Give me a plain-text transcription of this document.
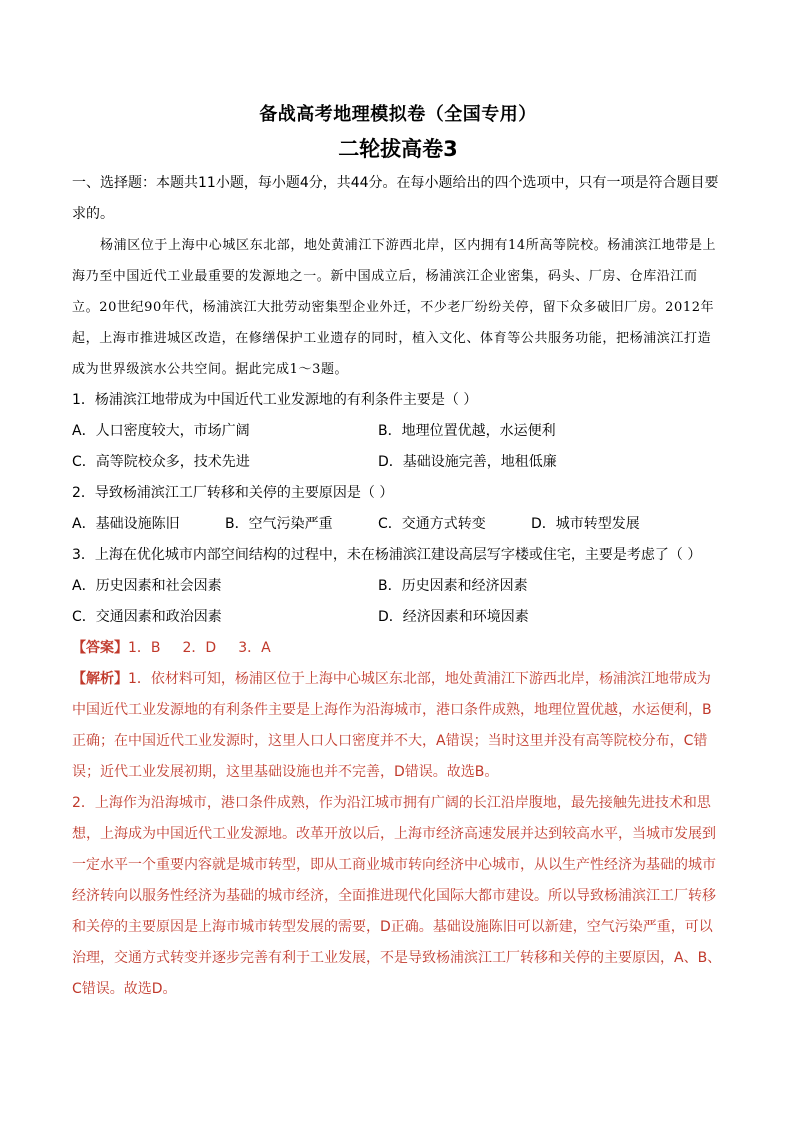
备战高考地理模拟卷（全国专用）
二轮拔高卷3

一、选择题：本题共11小题，每小题4分，共44分。在每小题给出的四个选项中，只有一项是符合题目要求的。

杨浦区位于上海中心城区东北部，地处黄浦江下游西北岸，区内拥有14所高等院校。杨浦滨江地带是上海乃至中国近代工业最重要的发源地之一。新中国成立后，杨浦滨江企业密集，码头、厂房、仓库沿江而立。20世纪90年代，杨浦滨江大批劳动密集型企业外迁，不少老厂纷纷关停，留下众多破旧厂房。2012年起，上海市推进城区改造，在修缮保护工业遗存的同时，植入文化、体育等公共服务功能，把杨浦滨江打造成为世界级滨水公共空间。据此完成1～3题。

1．杨浦滨江地带成为中国近代工业发源地的有利条件主要是（ ）

A．人口密度较大，市场广阔	B．地理位置优越，水运便利
C．高等院校众多，技术先进	D．基础设施完善，地租低廉

2．导致杨浦滨江工厂转移和关停的主要原因是（ ）

A．基础设施陈旧	B．空气污染严重	C．交通方式转变	D．城市转型发展

3．上海在优化城市内部空间结构的过程中，未在杨浦滨江建设高层写字楼或住宅，主要是考虑了（ ）

A．历史因素和社会因素	B．历史因素和经济因素
C．交通因素和政治因素	D．经济因素和环境因素

【答案】1．B 2．D 3．A

【解析】1．依材料可知，杨浦区位于上海中心城区东北部，地处黄浦江下游西北岸，杨浦滨江地带成为中国近代工业发源地的有利条件主要是上海作为沿海城市，港口条件成熟，地理位置优越，水运便利，B正确；在中国近代工业发源时，这里人口人口密度并不大，A错误；当时这里并没有高等院校分布，C错误；近代工业发展初期，这里基础设施也并不完善，D错误。故选B。

2．上海作为沿海城市，港口条件成熟，作为沿江城市拥有广阔的长江沿岸腹地，最先接触先进技术和思想，上海成为中国近代工业发源地。改革开放以后，上海市经济高速发展并达到较高水平，当城市发展到一定水平一个重要内容就是城市转型，即从工商业城市转向经济中心城市，从以生产性经济为基础的城市经济转向以服务性经济为基础的城市经济，全面推进现代化国际大都市建设。所以导致杨浦滨江工厂转移和关停的主要原因是上海市城市转型发展的需要，D正确。基础设施陈旧可以新建，空气污染严重，可以治理，交通方式转变并逐步完善有利于工业发展，不是导致杨浦滨江工厂转移和关停的主要原因，A、B、C错误。故选D。
